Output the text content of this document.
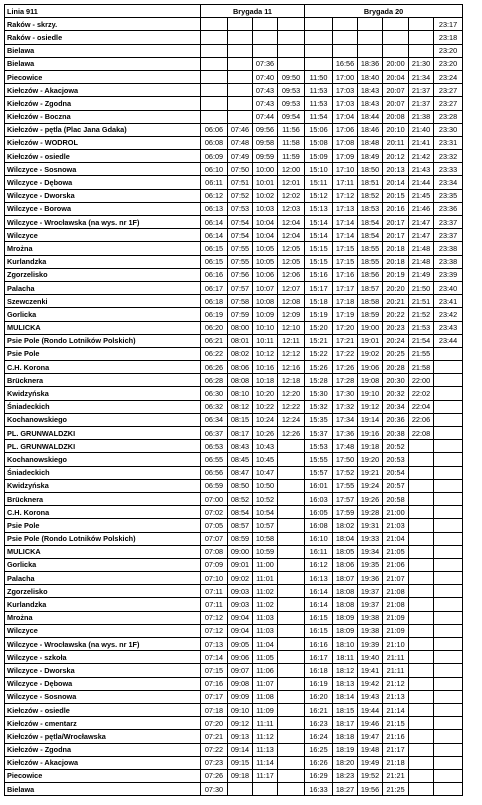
Linia 911	Brygada 11				Brygada 20					
Raków - skrzy.										23:17
Raków - osiedle										23:18
Bielawa										23:20
Bielawa			07:36			16:56	18:36	20:00	21:30	23:20
Piecowice			07:40	09:50	11:50	17:00	18:40	20:04	21:34	23:24
Kiełczów - Akacjowa			07:43	09:53	11:53	17:03	18:43	20:07	21:37	23:27
Kiełczów - Zgodna			07:43	09:53	11:53	17:03	18:43	20:07	21:37	23:27
Kiełczów - Boczna			07:44	09:54	11:54	17:04	18:44	20:08	21:38	23:28
Kiełczów - pętla (Plac Jana Gdaka)	06:06	07:46	09:56	11:56	15:06	17:06	18:46	20:10	21:40	23:30
Kiełczów - WODROL	06:08	07:48	09:58	11:58	15:08	17:08	18:48	20:11	21:41	23:31
Kiełczów - osiedle	06:09	07:49	09:59	11:59	15:09	17:09	18:49	20:12	21:42	23:32
Wilczyce - Sosnowa	06:10	07:50	10:00	12:00	15:10	17:10	18:50	20:13	21:43	23:33
Wilczyce - Dębowa	06:11	07:51	10:01	12:01	15:11	17:11	18:51	20:14	21:44	23:34
Wilczyce - Dworska	06:12	07:52	10:02	12:02	15:12	17:12	18:52	20:15	21:45	23:35
Wilczyce - Borowa	06:13	07:53	10:03	12:03	15:13	17:13	18:53	20:16	21:46	23:36
Wilczyce - Wrocławska (na wys. nr 1F)	06:14	07:54	10:04	12:04	15:14	17:14	18:54	20:17	21:47	23:37
Wilczyce	06:14	07:54	10:04	12:04	15:14	17:14	18:54	20:17	21:47	23:37
Mrożna	06:15	07:55	10:05	12:05	15:15	17:15	18:55	20:18	21:48	23:38
Kurlandzka	06:15	07:55	10:05	12:05	15:15	17:15	18:55	20:18	21:48	23:38
Zgorzelisko	06:16	07:56	10:06	12:06	15:16	17:16	18:56	20:19	21:49	23:39
Palacha	06:17	07:57	10:07	12:07	15:17	17:17	18:57	20:20	21:50	23:40
Szewczenki	06:18	07:58	10:08	12:08	15:18	17:18	18:58	20:21	21:51	23:41
Gorlicka	06:19	07:59	10:09	12:09	15:19	17:19	18:59	20:22	21:52	23:42
MULICKA	06:20	08:00	10:10	12:10	15:20	17:20	19:00	20:23	21:53	23:43
Psie Pole (Rondo Lotników Polskich)	06:21	08:01	10:11	12:11	15:21	17:21	19:01	20:24	21:54	23:44
Psie Pole	06:22	08:02	10:12	12:12	15:22	17:22	19:02	20:25	21:55	
C.H. Korona	06:26	08:06	10:16	12:16	15:26	17:26	19:06	20:28	21:58	
Brücknera	06:28	08:08	10:18	12:18	15:28	17:28	19:08	20:30	22:00	
Kwidzyńska	06:30	08:10	10:20	12:20	15:30	17:30	19:10	20:32	22:02	
Śniadeckich	06:32	08:12	10:22	12:22	15:32	17:32	19:12	20:34	22:04	
Kochanowskiego	06:34	08:15	10:24	12:24	15:35	17:34	19:14	20:36	22:06	
PL. GRUNWALDZKI	06:37	08:17	10:26	12:26	15:37	17:36	19:16	20:38	22:08	
PL. GRUNWALDZKI	06:53	08:43	10:43		15:53	17:48	19:18	20:52		
Kochanowskiego	06:55	08:45	10:45		15:55	17:50	19:20	20:53		
Śniadeckich	06:56	08:47	10:47		15:57	17:52	19:21	20:54		
Kwidzyńska	06:59	08:50	10:50		16:01	17:55	19:24	20:57		
Brücknera	07:00	08:52	10:52		16:03	17:57	19:26	20:58		
C.H. Korona	07:02	08:54	10:54		16:05	17:59	19:28	21:00		
Psie Pole	07:05	08:57	10:57		16:08	18:02	19:31	21:03		
Psie Pole (Rondo Lotników Polskich)	07:07	08:59	10:58		16:10	18:04	19:33	21:04		
MULICKA	07:08	09:00	10:59		16:11	18:05	19:34	21:05		
Gorlicka	07:09	09:01	11:00		16:12	18:06	19:35	21:06		
Palacha	07:10	09:02	11:01		16:13	18:07	19:36	21:07		
Zgorzelisko	07:11	09:03	11:02		16:14	18:08	19:37	21:08		
Kurlandzka	07:11	09:03	11:02		16:14	18:08	19:37	21:08		
Mrożna	07:12	09:04	11:03		16:15	18:09	19:38	21:09		
Wilczyce	07:12	09:04	11:03		16:15	18:09	19:38	21:09		
Wilczyce - Wrocławska (na wys. nr 1F)	07:13	09:05	11:04		16:16	18:10	19:39	21:10		
Wilczyce - szkoła	07:14	09:06	11:05		16:17	18:11	19:40	21:11		
Wilczyce - Dworska	07:15	09:07	11:06		16:18	18:12	19:41	21:11		
Wilczyce - Dębowa	07:16	09:08	11:07		16:19	18:13	19:42	21:12		
Wilczyce - Sosnowa	07:17	09:09	11:08		16:20	18:14	19:43	21:13		
Kiełczów - osiedle	07:18	09:10	11:09		16:21	18:15	19:44	21:14		
Kiełczów - cmentarz	07:20	09:12	11:11		16:23	18:17	19:46	21:15		
Kiełczów - pętla/Wrocławska	07:21	09:13	11:12		16:24	18:18	19:47	21:16		
Kiełczów - Zgodna	07:22	09:14	11:13		16:25	18:19	19:48	21:17		
Kiełczów - Akacjowa	07:23	09:15	11:14		16:26	18:20	19:49	21:18		
Piecowice	07:26	09:18	11:17		16:29	18:23	19:52	21:21		
Bielawa	07:30				16:33	18:27	19:56	21:25		
